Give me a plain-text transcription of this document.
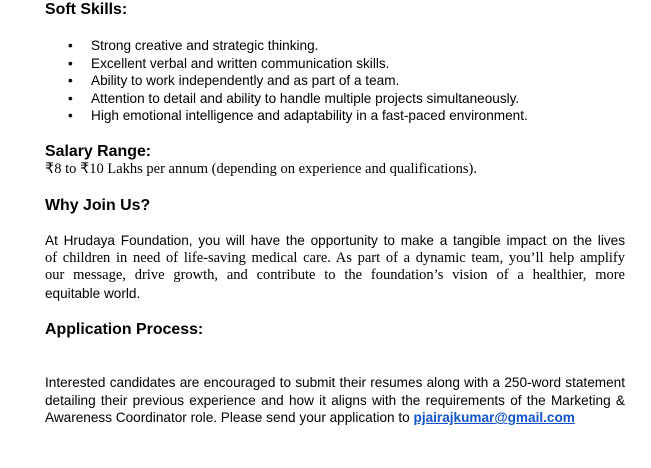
Soft Skills:
• Strong creative and strategic thinking.
• Excellent verbal and written communication skills.
• Ability to work independently and as part of a team.
• Attention to detail and ability to handle multiple projects simultaneously.
• High emotional intelligence and adaptability in a fast-paced environment.
Salary Range:

₹8 to ₹10 Lakhs per annum (depending on experience and qualifications).

Why Join Us?

At Hrudaya Foundation, you will have the opportunity to make a tangible impact on the lives
of children in need of life-saving medical care. As part of a dynamic team, you’ll help amplify
our message, drive growth, and contribute to the foundation’s vision of a healthier, more
equitable world.

Application Process:

Interested candidates are encouraged to submit their resumes along with a 250-word statement
detailing their previous experience and how it aligns with the requirements of the Marketing &
Awareness Coordinator role. Please send your application to pjairajkumar@gmail.com
